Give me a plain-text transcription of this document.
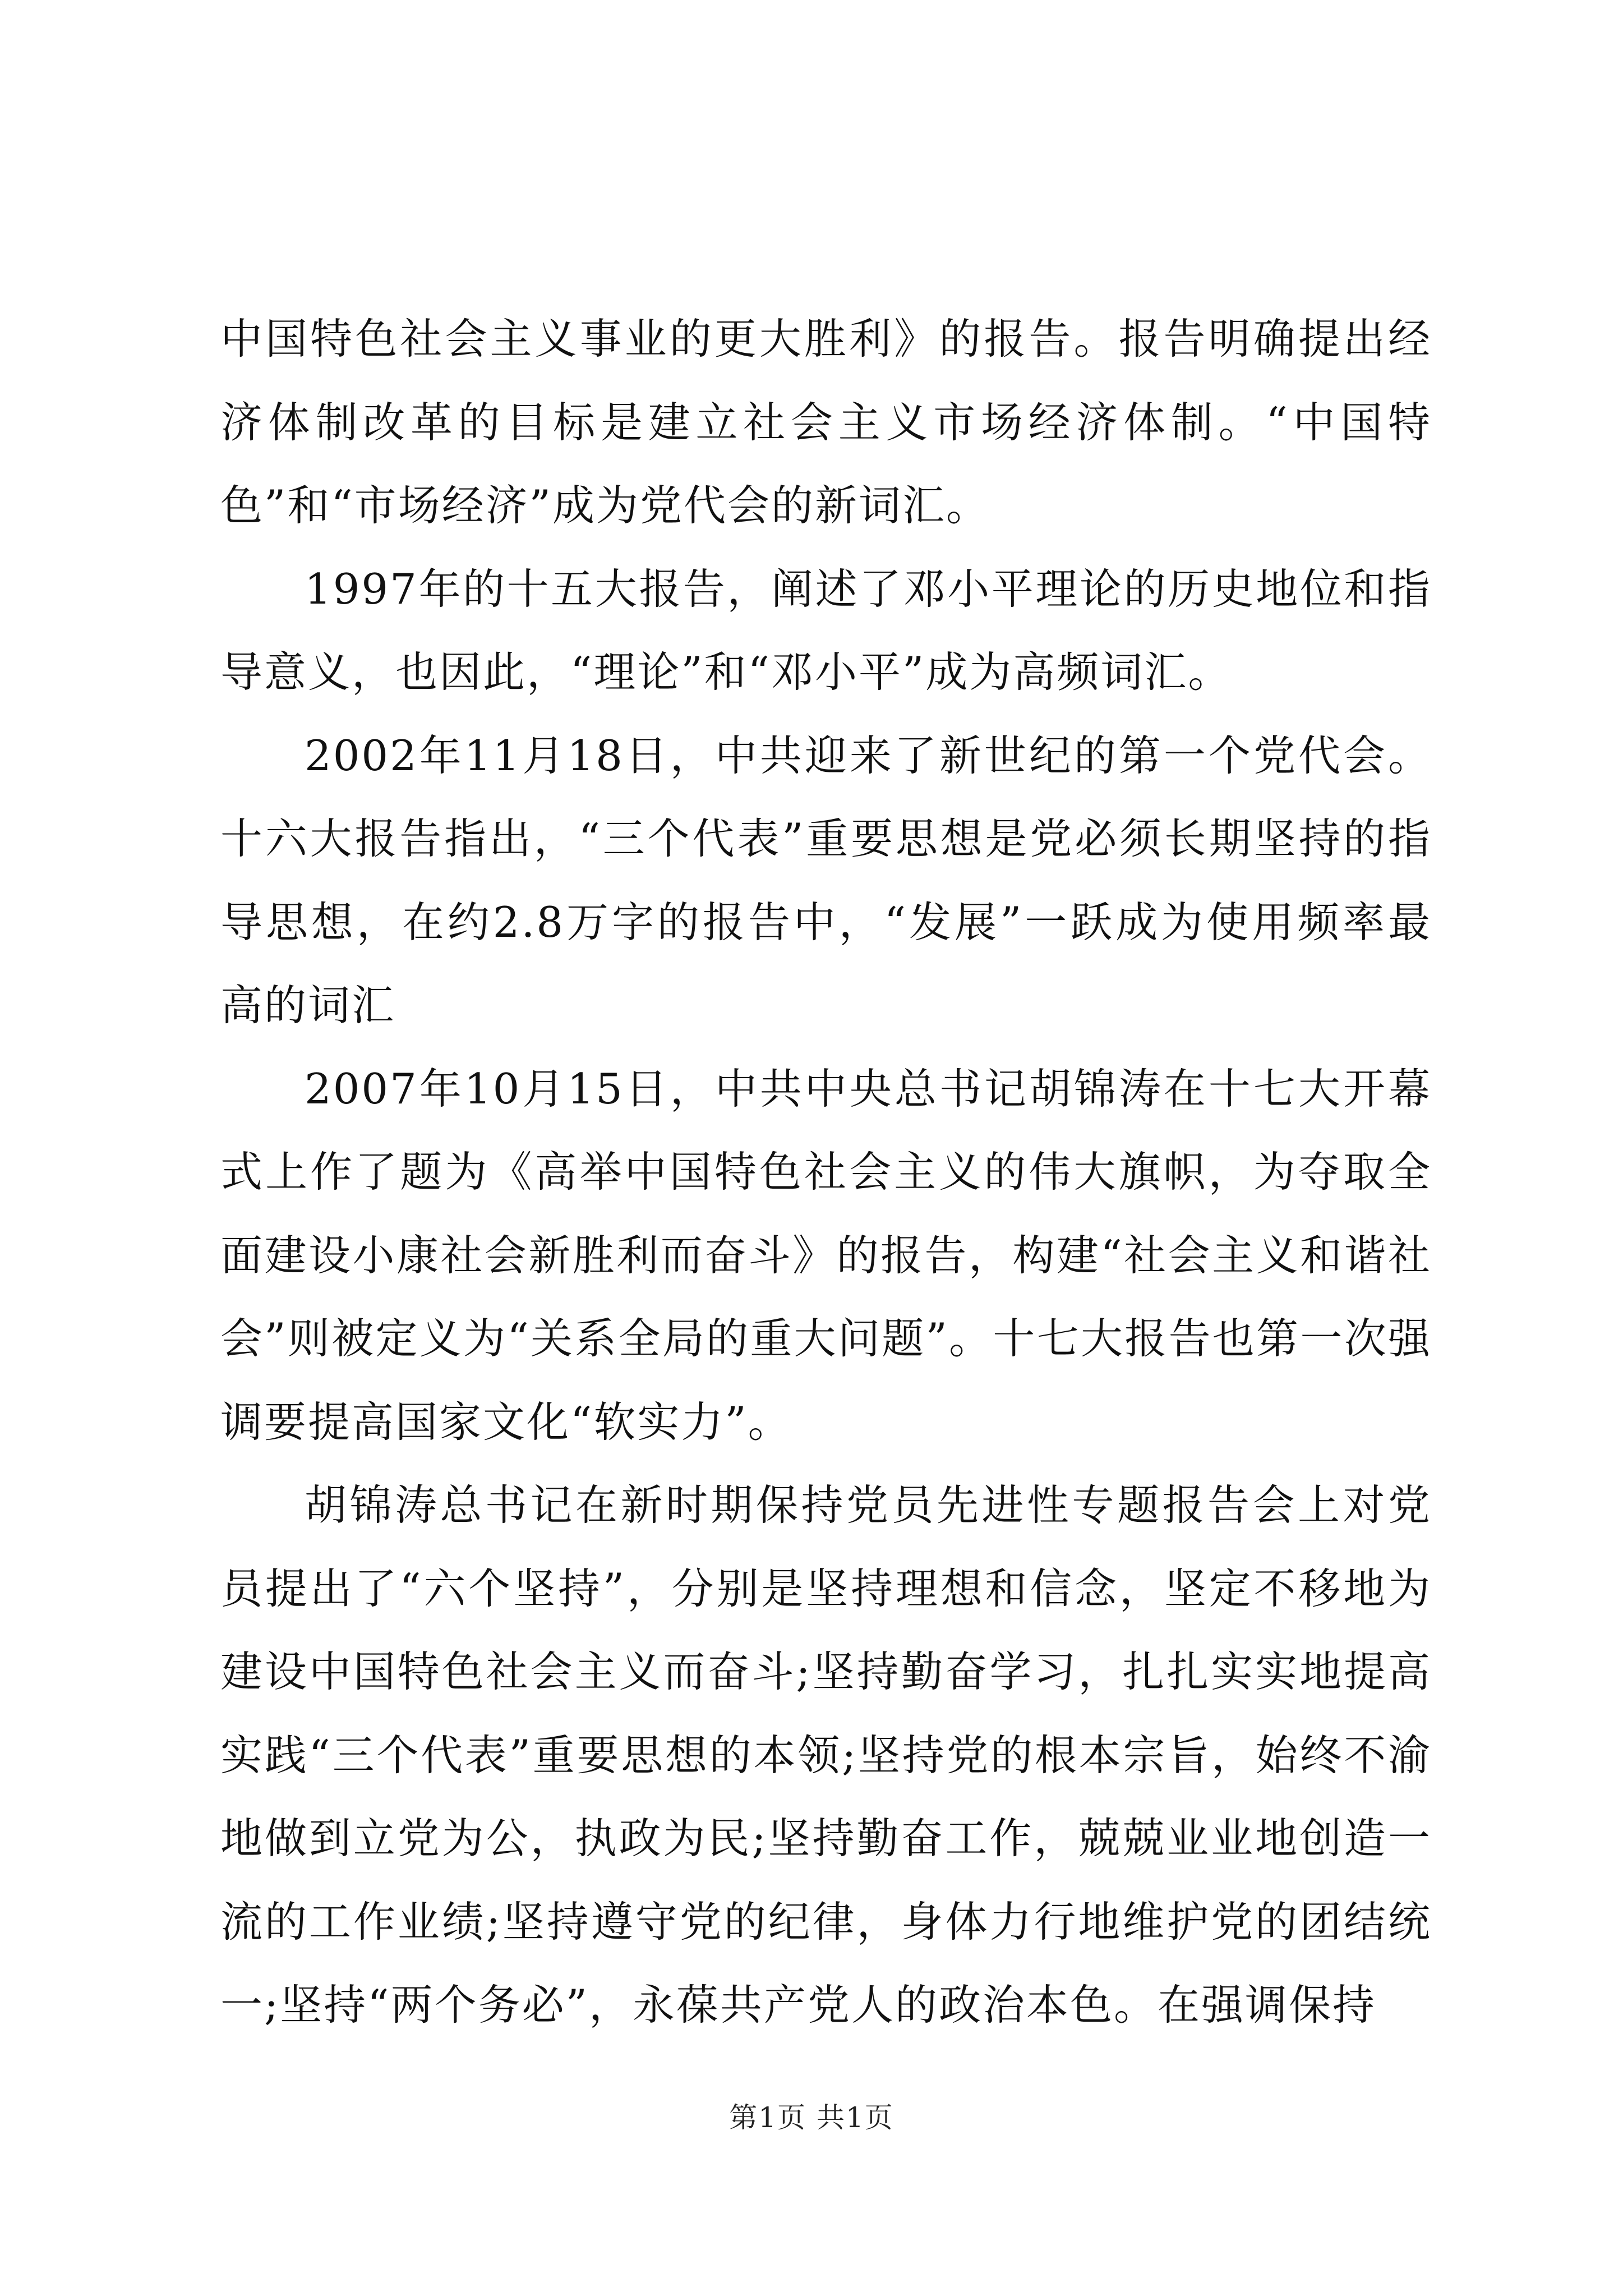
中国特色社会主义事业的更大胜利》的报告。报告明确提出经济体制改革的目标是建立社会主义市场经济体制。“中国特色”和“市场经济”成为党代会的新词汇。

1997年的十五大报告，阐述了邓小平理论的历史地位和指导意义，也因此，“理论”和“邓小平”成为高频词汇。

2002年11月18日，中共迎来了新世纪的第一个党代会。十六大报告指出，“三个代表”重要思想是党必须长期坚持的指导思想，在约2.8万字的报告中，“发展”一跃成为使用频率最高的词汇

2007年10月15日，中共中央总书记胡锦涛在十七大开幕式上作了题为《高举中国特色社会主义的伟大旗帜，为夺取全面建设小康社会新胜利而奋斗》的报告，构建“社会主义和谐社会”则被定义为“关系全局的重大问题”。十七大报告也第一次强调要提高国家文化“软实力”。

胡锦涛总书记在新时期保持党员先进性专题报告会上对党员提出了“六个坚持”，分别是坚持理想和信念，坚定不移地为建设中国特色社会主义而奋斗;坚持勤奋学习，扎扎实实地提高实践“三个代表”重要思想的本领;坚持党的根本宗旨，始终不渝地做到立党为公，执政为民;坚持勤奋工作，兢兢业业地创造一流的工作业绩;坚持遵守党的纪律，身体力行地维护党的团结统一;坚持“两个务必”，永葆共产党人的政治本色。在强调保持

第1页 共1页
